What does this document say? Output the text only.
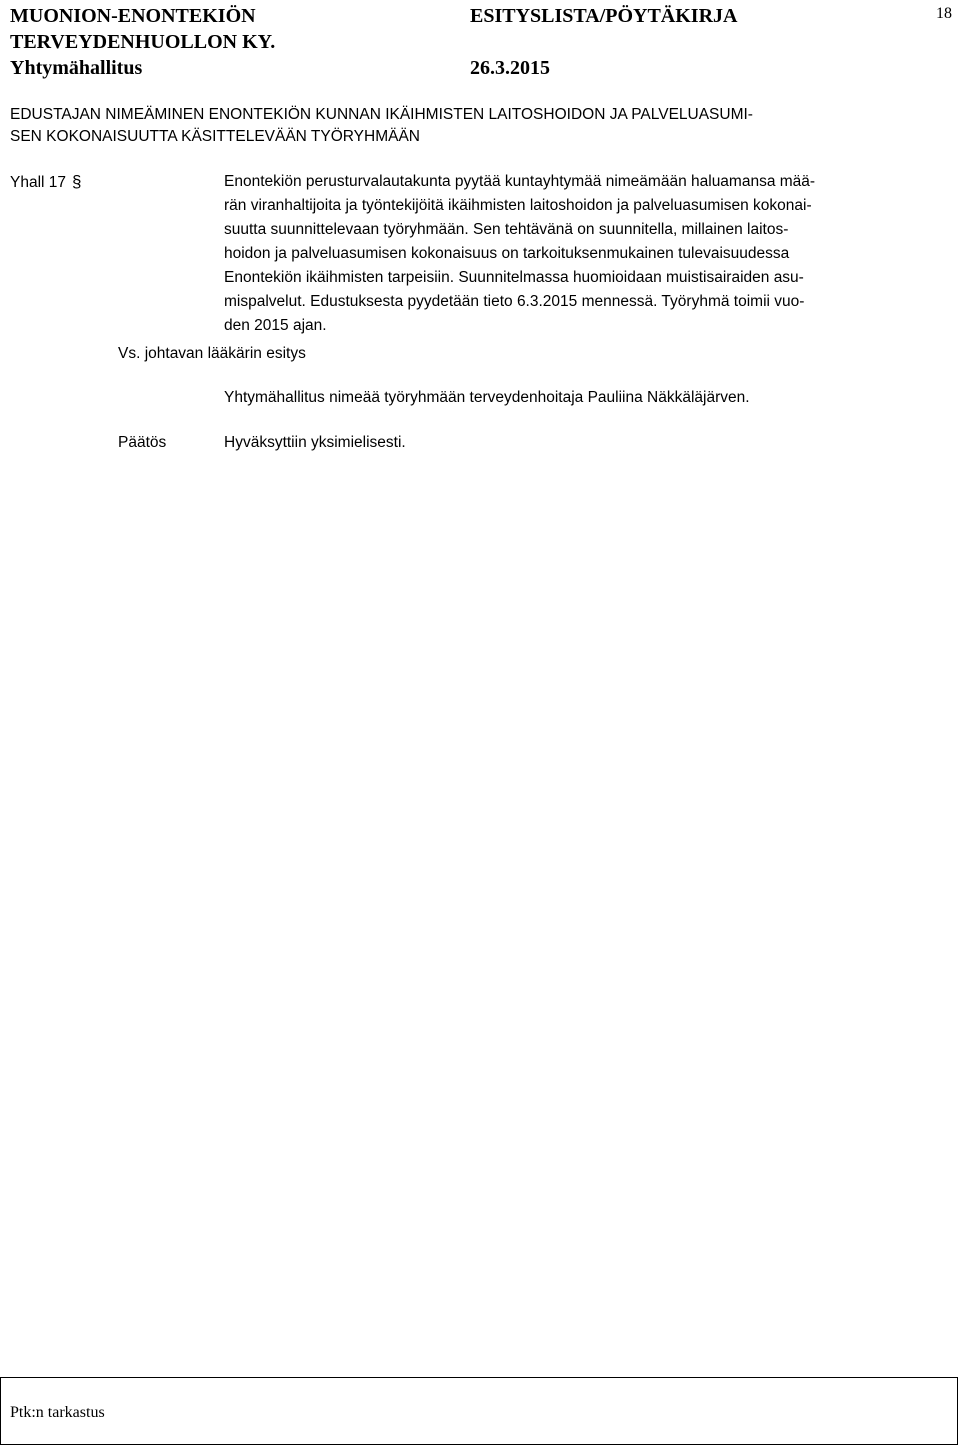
MUONION-ENONTEKIÖN
TERVEYDENHUOLLON KY.
Yhtymähallitus
ESITYSLISTA/PÖYTÄKIRJA
26.3.2015
18
EDUSTAJAN NIMEÄMINEN ENONTEKIÖN KUNNAN IKÄIHMISTEN LAITOSHOIDON JA PALVELUASUMI-
SEN KOKONAISUUTTA KÄSITTELEVÄÄN TYÖRYHMÄÄN
Yhall 17 §	Enontekiön perusturvalautakunta pyytää kuntayhtymää nimeämään haluamansa mää-
rän viranhaltijoita ja työntekijöitä ikäihmisten laitoshoidon ja palveluasumisen kokonai-
suutta suunnittelevaan työryhmään. Sen tehtävänä on suunnitella, millainen laitos-
hoidon ja palveluasumisen kokonaisuus on tarkoituksenmukainen tulevaisuudessa
Enontekiön ikäihmisten tarpeisiin. Suunnitelmassa huomioidaan muistisairaiden asu-
mispalvelut. Edustuksesta pyydetään tieto 6.3.2015 mennessä. Työryhmä toimii vuo-
den 2015 ajan.
Vs. johtavan lääkärin esitys
Yhtymähallitus nimeää työryhmään terveydenhoitaja Pauliina Näkkäläjärven.
Päätös	Hyväksyttiin yksimielisesti.
Ptk:n tarkastus
